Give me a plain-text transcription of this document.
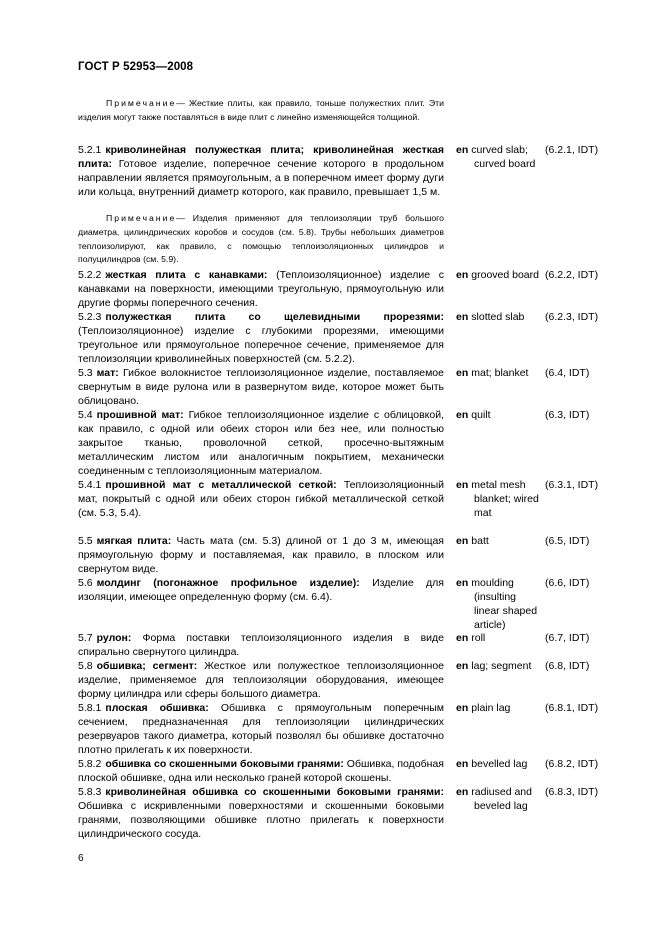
ГОСТ Р 52953—2008

Примечание— Жесткие плиты, как правило, тоньше полужестких плит. Эти изделия могут также поставляться в виде плит с линейно изменяющейся толщиной.

5.2.1 криволинейная полужесткая плита; криволинейная жесткая плита: Готовое изделие, поперечное сечение которого в продольном направлении является прямоугольным, а в поперечном имеет форму дуги или кольца, внутренний диаметр которого, как правило, превышает 1,5 м.

en curved slab; curved board
(6.2.1, IDT)

Примечание— Изделия применяют для теплоизоляции труб большого диаметра, цилиндрических коробов и сосудов (см. 5.8). Трубы небольших диаметров теплоизолируют, как правило, с помощью теплоизоляционных цилиндров и полуцилиндров (см. 5.9).

5.2.2 жесткая плита с канавками: (Теплоизоляционное) изделие с канавками на поверхности, имеющими треугольную, прямоугольную или другие формы поперечного сечения.

en grooved board (6.2.2, IDT)

5.2.3 полужесткая плита со щелевидными прорезями: (Теплоизоляционное) изделие с глубокими прорезями, имеющими треугольное или прямоугольное поперечное сечение, применяемое для теплоизоляции криволинейных поверхностей (см. 5.2.2).

en slotted slab	(6.2.3, IDT)

5.3 мат: Гибкое волокнистое теплоизоляционное изделие, поставляемое свернутым в виде рулона или в развернутом виде, которое может быть облицовано.

en mat; blanket	(6.4, IDT)

5.4 прошивной мат: Гибкое теплоизоляционное изделие с облицовкой, как правило, с одной или обеих сторон или без нее, или полностью закрытое тканью, проволочной сеткой, просечно-вытяжным металлическим листом или аналогичным покрытием, механически соединенным с теплоизоляционным материалом.

en quilt	(6.3, IDT)

5.4.1 прошивной мат с металлической сеткой: Теплоизоляционный мат, покрытый с одной или обеих сторон гибкой металлической сеткой (см. 5.3, 5.4).

en metal mesh blanket; wired mat
(6.3.1, IDT)

5.5 мягкая плита: Часть мата (см. 5.3) длиной от 1 до 3 м, имеющая прямоугольную форму и поставляемая, как правило, в плоском или свернутом виде.

en batt	(6.5, IDT)

5.6 молдинг (погонажное профильное изделие): Изделие для изоляции, имеющее определенную форму (см. 6.4).

en moulding (insulting linear shaped article)
(6.6, IDT)

5.7 рулон: Форма поставки теплоизоляционного изделия в виде спирально свернутого цилиндра.

en roll	(6.7, IDT)

5.8 обшивка; сегмент: Жесткое или полужесткое теплоизоляционное изделие, применяемое для теплоизоляции оборудования, имеющее форму цилиндра или сферы большого диаметра.

en lag; segment	(6.8, IDT)

5.8.1 плоская обшивка: Обшивка с прямоугольным поперечным сечением, предназначенная для теплоизоляции цилиндрических резервуаров такого диаметра, который позволял бы обшивке достаточно плотно прилегать к их поверхности.

en plain lag	(6.8.1, IDT)

5.8.2 обшивка со скошенными боковыми гранями: Обшивка, подобная плоской обшивке, одна или несколько граней которой скошены.

en bevelled lag	(6.8.2, IDT)

5.8.3 криволинейная обшивка со скошенными боковыми гранями: Обшивка с искривленными поверхностями и скошенными боковыми гранями, позволяющими обшивке плотно прилегать к поверхности цилиндрического сосуда.

en radiused and beveled lag
(6.8.3, IDT)
6
